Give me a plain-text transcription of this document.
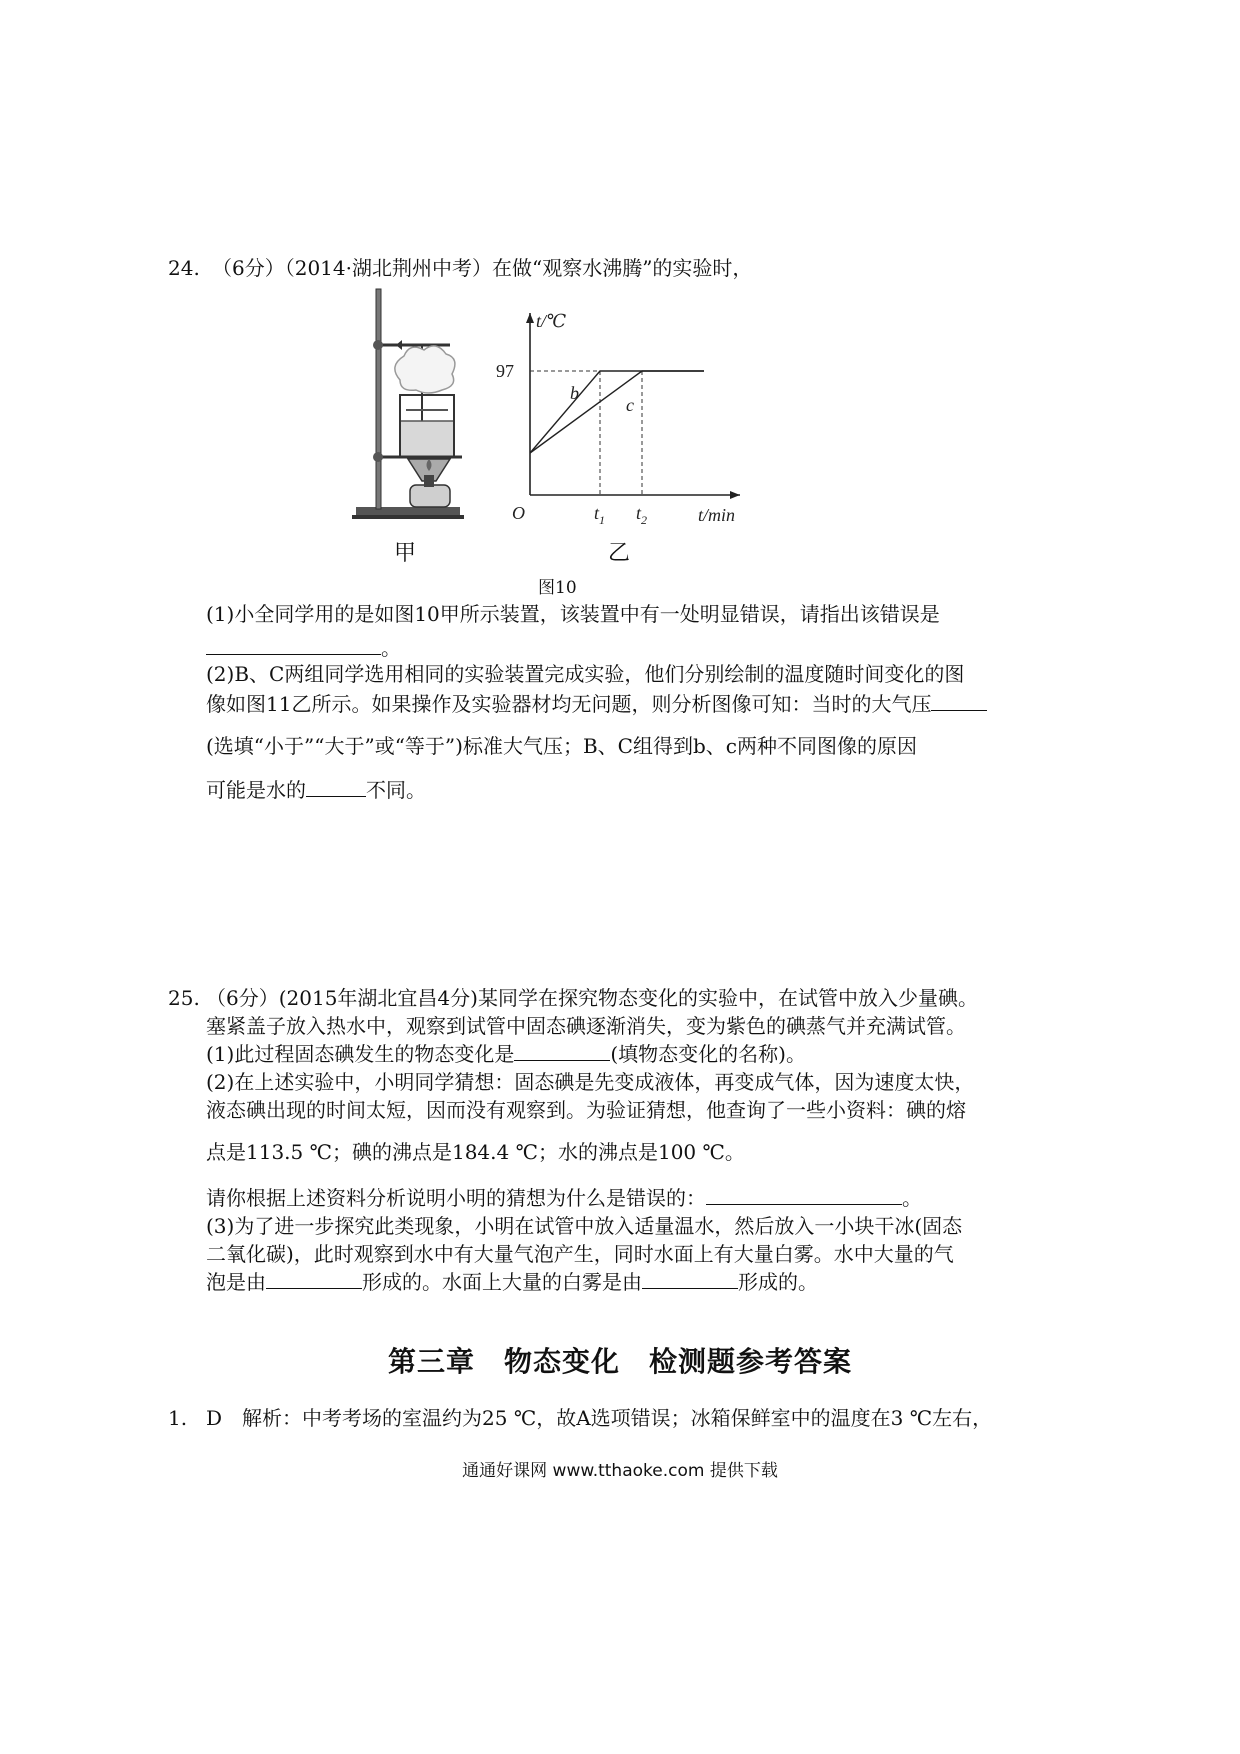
24. （6分）（2014·湖北荆州中考）在做“观察水沸腾”的实验时，
t/℃
t/min
O
97
b
c
$t_1$ $t_2$
甲	乙
图10
(1)小全同学用的是如图10甲所示装置，该装置中有一处明显错误，请指出该错误是
。
(2)B、C两组同学选用相同的实验装置完成实验，他们分别绘制的温度随时间变化的图
像如图11乙所示。如果操作及实验器材均无问题，则分析图像可知：当时的大气压
(选填“小于”“大于”或“等于”)标准大气压；B、C组得到b、c两种不同图像的原因
可能是水的	不同。
25. （6分）(2015年湖北宜昌4分)某同学在探究物态变化的实验中，在试管中放入少量碘。
塞紧盖子放入热水中，观察到试管中固态碘逐渐消失，变为紫色的碘蒸气并充满试管。
(1)此过程固态碘发生的物态变化是	(填物态变化的名称)。
(2)在上述实验中，小明同学猜想：固态碘是先变成液体，再变成气体，因为速度太快，
液态碘出现的时间太短，因而没有观察到。为验证猜想，他查询了一些小资料：碘的熔
点是113.5 ℃；碘的沸点是184.4 ℃；水的沸点是100 ℃。
请你根据上述资料分析说明小明的猜想为什么是错误的：	。
(3)为了进一步探究此类现象，小明在试管中放入适量温水，然后放入一小块干冰(固态
二氧化碳)，此时观察到水中有大量气泡产生，同时水面上有大量白雾。水中大量的气
泡是由	形成的。水面上大量的白雾是由	形成的。
第三章　物态变化　检测题参考答案
1. D　解析：中考考场的室温约为25 ℃，故A选项错误；冰箱保鲜室中的温度在3 ℃左右，
通通好课网 www.tthaoke.com 提供下载
